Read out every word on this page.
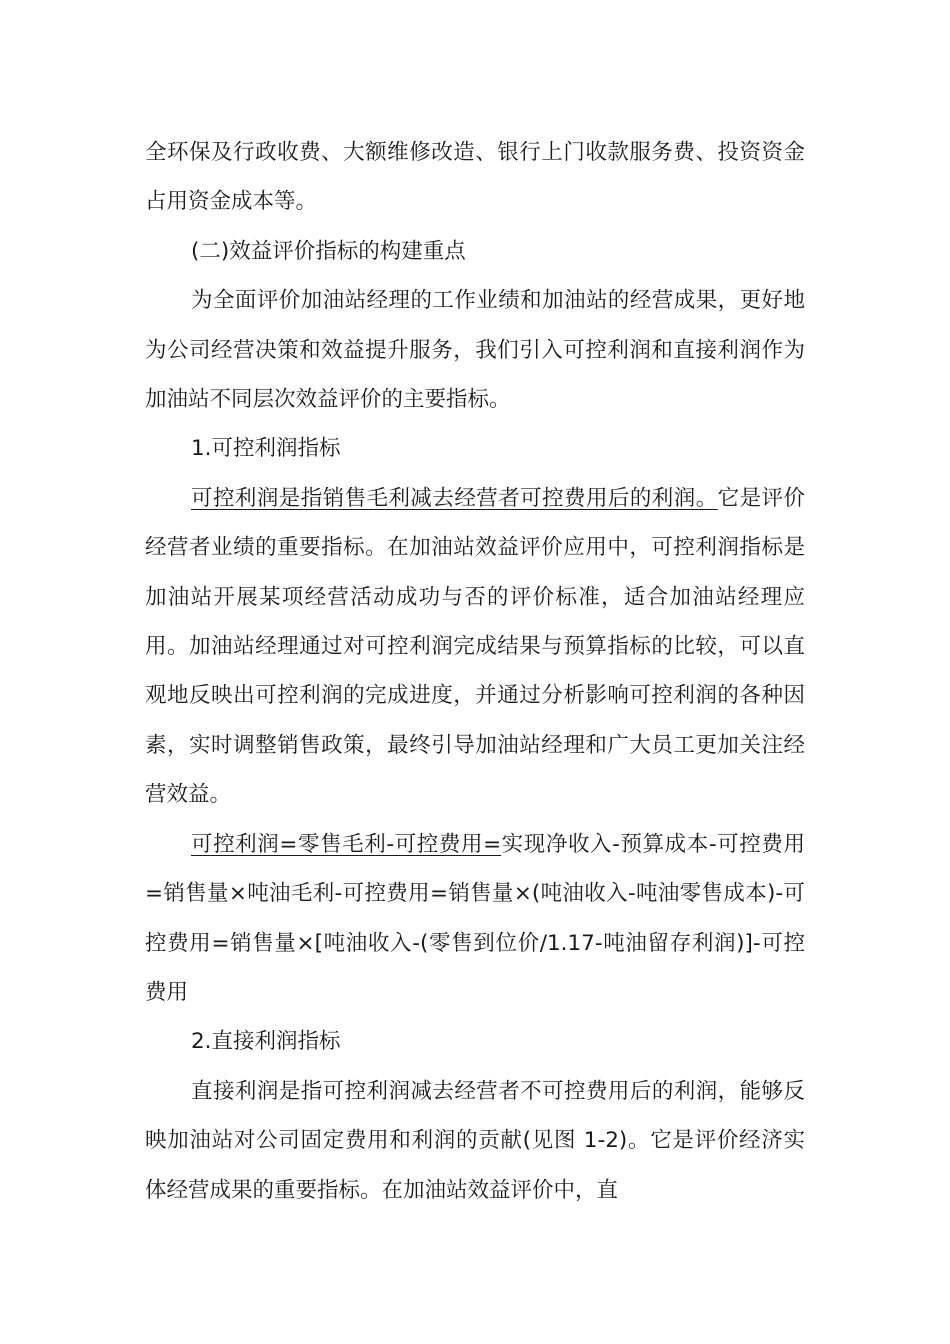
全环保及行政收费、大额维修改造、银行上门收款服务费、投资资金占用资金成本等。

(二)效益评价指标的构建重点

为全面评价加油站经理的工作业绩和加油站的经营成果，更好地为公司经营决策和效益提升服务，我们引入可控利润和直接利润作为加油站不同层次效益评价的主要指标。

1.可控利润指标

可控利润是指销售毛利减去经营者可控费用后的利润。它是评价经营者业绩的重要指标。在加油站效益评价应用中，可控利润指标是加油站开展某项经营活动成功与否的评价标准，适合加油站经理应用。加油站经理通过对可控利润完成结果与预算指标的比较，可以直观地反映出可控利润的完成进度，并通过分析影响可控利润的各种因素，实时调整销售政策，最终引导加油站经理和广大员工更加关注经营效益。

可控利润=零售毛利-可控费用=实现净收入-预算成本-可控费用=销售量×吨油毛利-可控费用=销售量×(吨油收入-吨油零售成本)-可控费用=销售量×[吨油收入-(零售到位价/1.17-吨油留存利润)]-可控费用

2.直接利润指标

直接利润是指可控利润减去经营者不可控费用后的利润，能够反映加油站对公司固定费用和利润的贡献(见图 1-2)。它是评价经济实体经营成果的重要指标。在加油站效益评价中，直
